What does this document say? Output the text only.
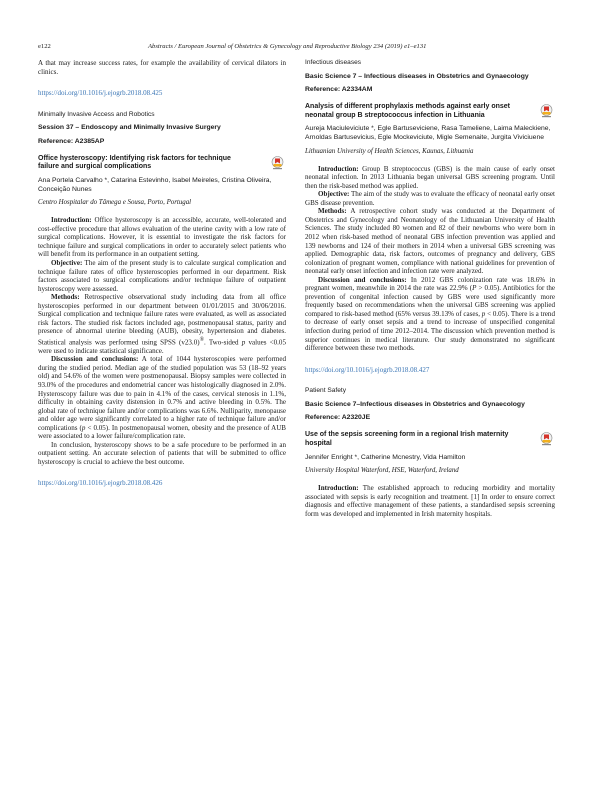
e122	Abstracts / European Journal of Obstetrics & Gynecology and Reproductive Biology 234 (2019) e1–e131

A that may increase success rates, for example the availability of cervical dilators in clinics.

https://doi.org/10.1016/j.ejogrb.2018.08.425

Minimally Invasive Access and Robotics

Session 37 – Endoscopy and Minimally Invasive Surgery

Reference: A2385AP

Office hysteroscopy: Identifying risk factors for technique failure and surgical complications

Ana Portela Carvalho *, Catarina Estevinho, Isabel Meireles, Cristina Oliveira, Conceição Nunes

Centro Hospitalar do Tâmega e Sousa, Porto, Portugal

Introduction: Office hysteroscopy is an accessible, accurate, well-tolerated and cost-effective procedure that allows evaluation of the uterine cavity with a low rate of surgical complications. However, it is essential to investigate the risk factors for technique failure and surgical complications in order to accurately select patients who will benefit from its performance in an outpatient setting.

Objective: The aim of the present study is to calculate surgical complication and technique failure rates of office hysteroscopies performed in our department. Risk factors associated to surgical complications and/or technique failure of outpatient hysteroscopy were assessed.

Methods: Retrospective observational study including data from all office hysteroscopies performed in our department between 01/01/2015 and 30/06/2016. Surgical complication and technique failure rates were evaluated, as well as associated risk factors. The studied risk factors included age, postmenopausal status, parity and presence of abnormal uterine bleeding (AUB), obesity, hypertension and diabetes. Statistical analysis was performed using SPSS (v23.0)®. Two-sided p values <0.05 were used to indicate statistical significance.

Discussion and conclusions: A total of 1044 hysteroscopies were performed during the studied period. Median age of the studied population was 53 (18–92 years old) and 54.6% of the women were postmenopausal. Biopsy samples were collected in 93.0% of the procedures and endometrial cancer was histologically diagnosed in 2.0%. Hysteroscopy failure was due to pain in 4.1% of the cases, cervical stenosis in 1.1%, difficulty in obtaining cavity distension in 0.7% and active bleeding in 0.5%. The global rate of technique failure and/or complications was 6.6%. Nulliparity, menopause and older age were significantly correlated to a higher rate of technique failure and/or complications (p < 0.05). In postmenopausal women, obesity and the presence of AUB were associated to a lower failure/complication rate.

In conclusion, hysteroscopy shows to be a safe procedure to be performed in an outpatient setting. An accurate selection of patients that will be submitted to office hysteroscopy is crucial to achieve the best outcome.

https://doi.org/10.1016/j.ejogrb.2018.08.426

Infectious diseases

Basic Science 7 – Infectious diseases in Obstetrics and Gynaecology

Reference: A2334AM

Analysis of different prophylaxis methods against early onset neonatal group B streptococcus infection in Lithuania

Aureja Maciuleviciute *, Egle Bartuseviciene, Rasa Tameliene, Laima Maleckiene, Arnoldas Bartusevicius, Egle Mockeviciute, Migle Semenaite, Jurgita Viviciuene

Lithuanian University of Health Sciences, Kaunas, Lithuania

Introduction: Group B streptococcus (GBS) is the main cause of early onset neonatal infection. In 2013 Lithuania began universal GBS screening program. Until then the risk-based method was applied.

Objective: The aim of the study was to evaluate the efficacy of neonatal early onset GBS disease prevention.

Methods: A retrospective cohort study was conducted at the Department of Obstetrics and Gynecology and Neonatology of the Lithuanian University of Health Sciences. The study included 80 women and 82 of their newborns who were born in 2012 when risk-based method of neonatal GBS infection prevention was applied and 139 newborns and 124 of their mothers in 2014 when a universal GBS screening was applied. Demographic data, risk factors, outcomes of pregnancy and delivery, GBS colonization of pregnant women, compliance with national guidelines for prevention of neonatal early onset infection and infection rate were analyzed.

Discussion and conclusions: In 2012 GBS colonization rate was 18.6% in pregnant women, meanwhile in 2014 the rate was 22.9% (P > 0.05). Antibiotics for the prevention of congenital infection caused by GBS were used significantly more frequently based on recommendations when the universal GBS screening was applied compared to risk-based method (65% versus 39.13% of cases, p < 0.05). There is a trend to decrease of early onset sepsis and a trend to increase of unspecified congenital infection during period of time 2012–2014. The discussion which prevention method is superior continues in medical literature. Our study demonstrated no significant difference between these two methods.

https://doi.org/10.1016/j.ejogrb.2018.08.427

Patient Safety

Basic Science 7–Infectious diseases in Obstetrics and Gynaecology

Reference: A2320JE

Use of the sepsis screening form in a regional Irish maternity hospital

Jennifer Enright *, Catherine Mcnestry, Vida Hamilton

University Hospital Waterford, HSE, Waterford, Ireland

Introduction: The established approach to reducing morbidity and mortality associated with sepsis is early recognition and treatment. [1] In order to ensure correct diagnosis and effective management of these patients, a standardised sepsis screening form was developed and implemented in Irish maternity hospitals.
